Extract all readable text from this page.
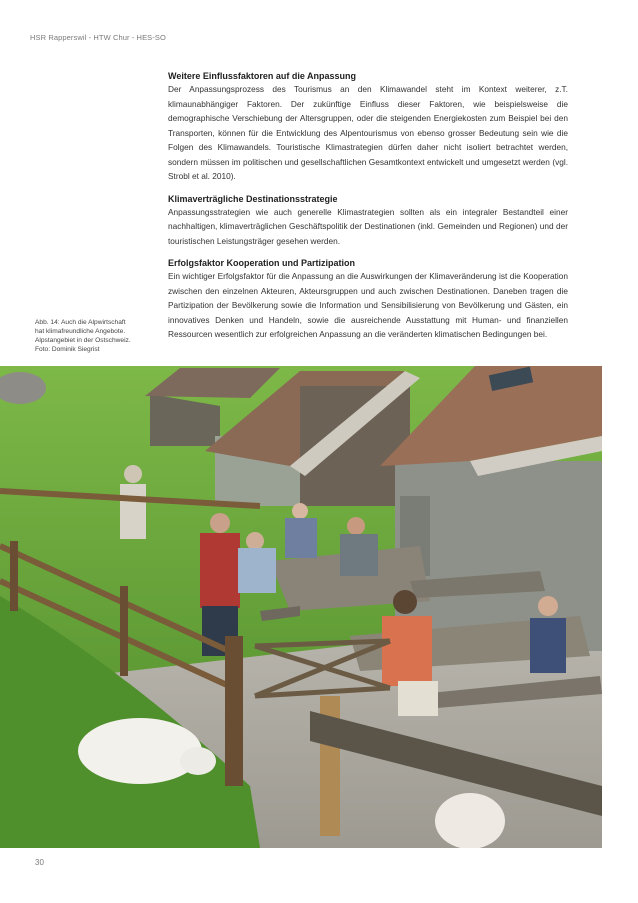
HSR Rapperswil - HTW Chur - HES-SO
Weitere Einflussfaktoren auf die Anpassung

Der Anpassungsprozess des Tourismus an den Klimawandel steht im Kontext weiterer, z.T. klimaunabhängiger Faktoren. Der zukünftige Einfluss dieser Faktoren, wie beispielsweise die demographische Verschiebung der Altersgruppen, oder die steigenden Energiekosten zum Beispiel bei den Transporten, können für die Entwicklung des Alpentourismus von ebenso grosser Bedeutung sein wie die Folgen des Klimawandels. Touristische Klimastrategien dürfen daher nicht isoliert betrachtet werden, sondern müssen im politischen und gesellschaftlichen Gesamtkontext entwickelt und umgesetzt werden (vgl. Strobl et al. 2010).

Klimaverträgliche Destinationsstrategie

Anpassungsstrategien wie auch generelle Klimastrategien sollten als ein integraler Bestandteil einer nachhaltigen, klimaverträglichen Geschäftspolitik der Destinationen (inkl. Gemeinden und Regionen) und der touristischen Leistungsträger gesehen werden.

Erfolgsfaktor Kooperation und Partizipation

Ein wichtiger Erfolgsfaktor für die Anpassung an die Auswirkungen der Klimaveränderung ist die Kooperation zwischen den einzelnen Akteuren, Akteursgruppen und auch zwischen Destinationen. Daneben tragen die Partizipation der Bevölkerung sowie die Information und Sensibilisierung von Bevölkerung und Gästen, ein innovatives Denken und Handeln, sowie die ausreichende Ausstattung mit Human- und finanziellen Ressourcen wesentlich zur erfolgreichen Anpassung an die veränderten klimatischen Bedingungen bei.

Abb. 14: Auch die Alpwirtschaft hat klimafreundliche Angebote. Alpstangebiet in der Ostschweiz. Foto: Dominik Siegrist
30
